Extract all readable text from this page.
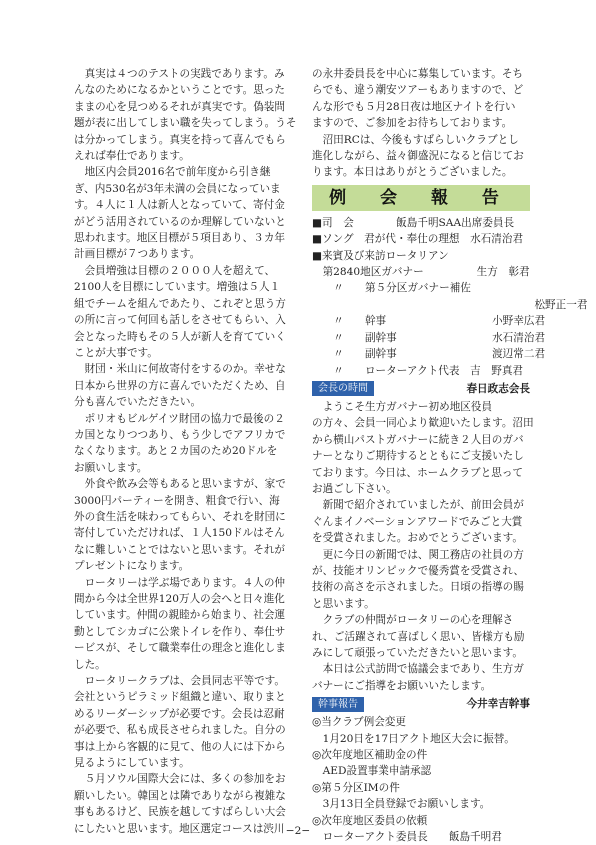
　真実は４つのテストの実践であります。み

んなのためになるかということです。思った

ままの心を見つめるそれが真実です。偽装問

題が表に出してしまい職を失ってしまう。うそ

は分かってしまう。真実を持って喜んでもら

えれば奉仕であります。

　地区内会員2016名で前年度から引き継

ぎ、内530名が3年未満の会員になっていま

す。４人に１人は新人となっていて、寄付金

がどう活用されているのか理解していないと

思われます。地区目標が５項目あり、３カ年

計画目標が７つあります。

　会員増強は目標の２０００人を超えて、

2100人を目標にしています。増強は５人１

組でチームを組んであたり、これぞと思う方

の所に言って何回も話しをさせてもらい、入

会となった時もその５人が新人を育てていく

ことが大事です。

　財団・米山に何故寄付をするのか。幸せな

日本から世界の方に喜んでいただくため、自

分も喜んでいただきたい。

　ポリオもビルゲイツ財団の協力で最後の２

カ国となりつつあり、もう少しでアフリカで

なくなります。あと２カ国のため20ドルを

お願いします。

　外食や飲み会等もあると思いますが、家で

3000円パーティーを開き、粗食で行い、海

外の食生活を味わってもらい、それを財団に

寄付していただければ、１人150ドルはそん

なに難しいことではないと思います。それが

プレゼントになります。

　ロータリーは学ぶ場であります。４人の仲

間から今は全世界120万人の会へと日々進化

しています。仲間の親睦から始まり、社会運

動としてシカゴに公衆トイレを作り、奉仕サ

ービスが、そして職業奉仕の理念と進化しま

した。

　ロータリークラブは、会員同志平等です。

会社というピラミッド組織と違い、取りまと

めるリーダーシップが必要です。会長は忍耐

が必要で、私も成長させられました。自分の

事は上から客観的に見て、他の人には下から

見るようにしています。

　５月ソウル国際大会には、多くの参加をお

願いしたい。韓国とは隣でありながら複雑な

事もあるけど、民族を越してすばらしい大会

にしたいと思います。地区選定コースは渋川

の永井委員長を中心に募集しています。そち

らでも、違う潮安ツアーもありますので、ど

んな形でも５月28日夜は地区ナイトを行い

ますので、ご参加をお待ちしております。

　沼田RCは、今後もすばらしいクラブとし

進化しながら、益々御盛況になると信じてお

ります。本日はありがとうございました。

例 会 報 告

■司　会　　　　飯島千明SAA出席委員長

■ソング　君が代・奉仕の理想　水石清治君

■来賓及び来訪ロータリアン

　第2840地区ガバナー　　　　　生方　彰君

　　〃　　第５分区ガバナー補佐

　　　　　　　　　　　　　　　　　　　　　松野正一君

　　〃　　幹事　　　　　　　　　　小野幸広君

　　〃　　副幹事　　　　　　　　　水石清治君

　　〃　　副幹事　　　　　　　　　渡辺常二君

　　〃　　ローターアクト代表　吉　野真君

会長の時間	春日政志会長

　ようこそ生方ガバナー初め地区役員

の方々、会員一同心より歓迎いたします。沼田

から横山パストガバナーに続き２人目のガバ

ナーとなりご期待するとともにご支援いたし

ております。今日は、ホームクラブと思って

お過ごし下さい。

　新聞で紹介されていましたが、前田会員が

ぐんまイノベーションアワードでみごと大賞

を受賞されました。おめでとうございます。

　更に今日の新聞では、関工務店の社員の方

が、技能オリンピックで優秀賞を受賞され、

技術の高さを示されました。日頃の指導の賜

と思います。

　クラブの仲間がロータリーの心を理解さ

れ、ご活躍されて喜ばしく思い、皆様方も励

みにして頑張っていただきたいと思います。

　本日は公式訪問で協議会まであり、生方ガ

バナーにご指導をお願いいたします。

幹事報告	今井幸吉幹事

◎当クラブ例会変更

　1月20日を17日アクト地区大会に振替。

◎次年度地区補助金の件

　AED設置事業申請承認

◎第５分区IMの件

　3月13日全員登録でお願いします。

◎次年度地区委員の依頼

　ローターアクト委員長　　飯島千明君

−2−
